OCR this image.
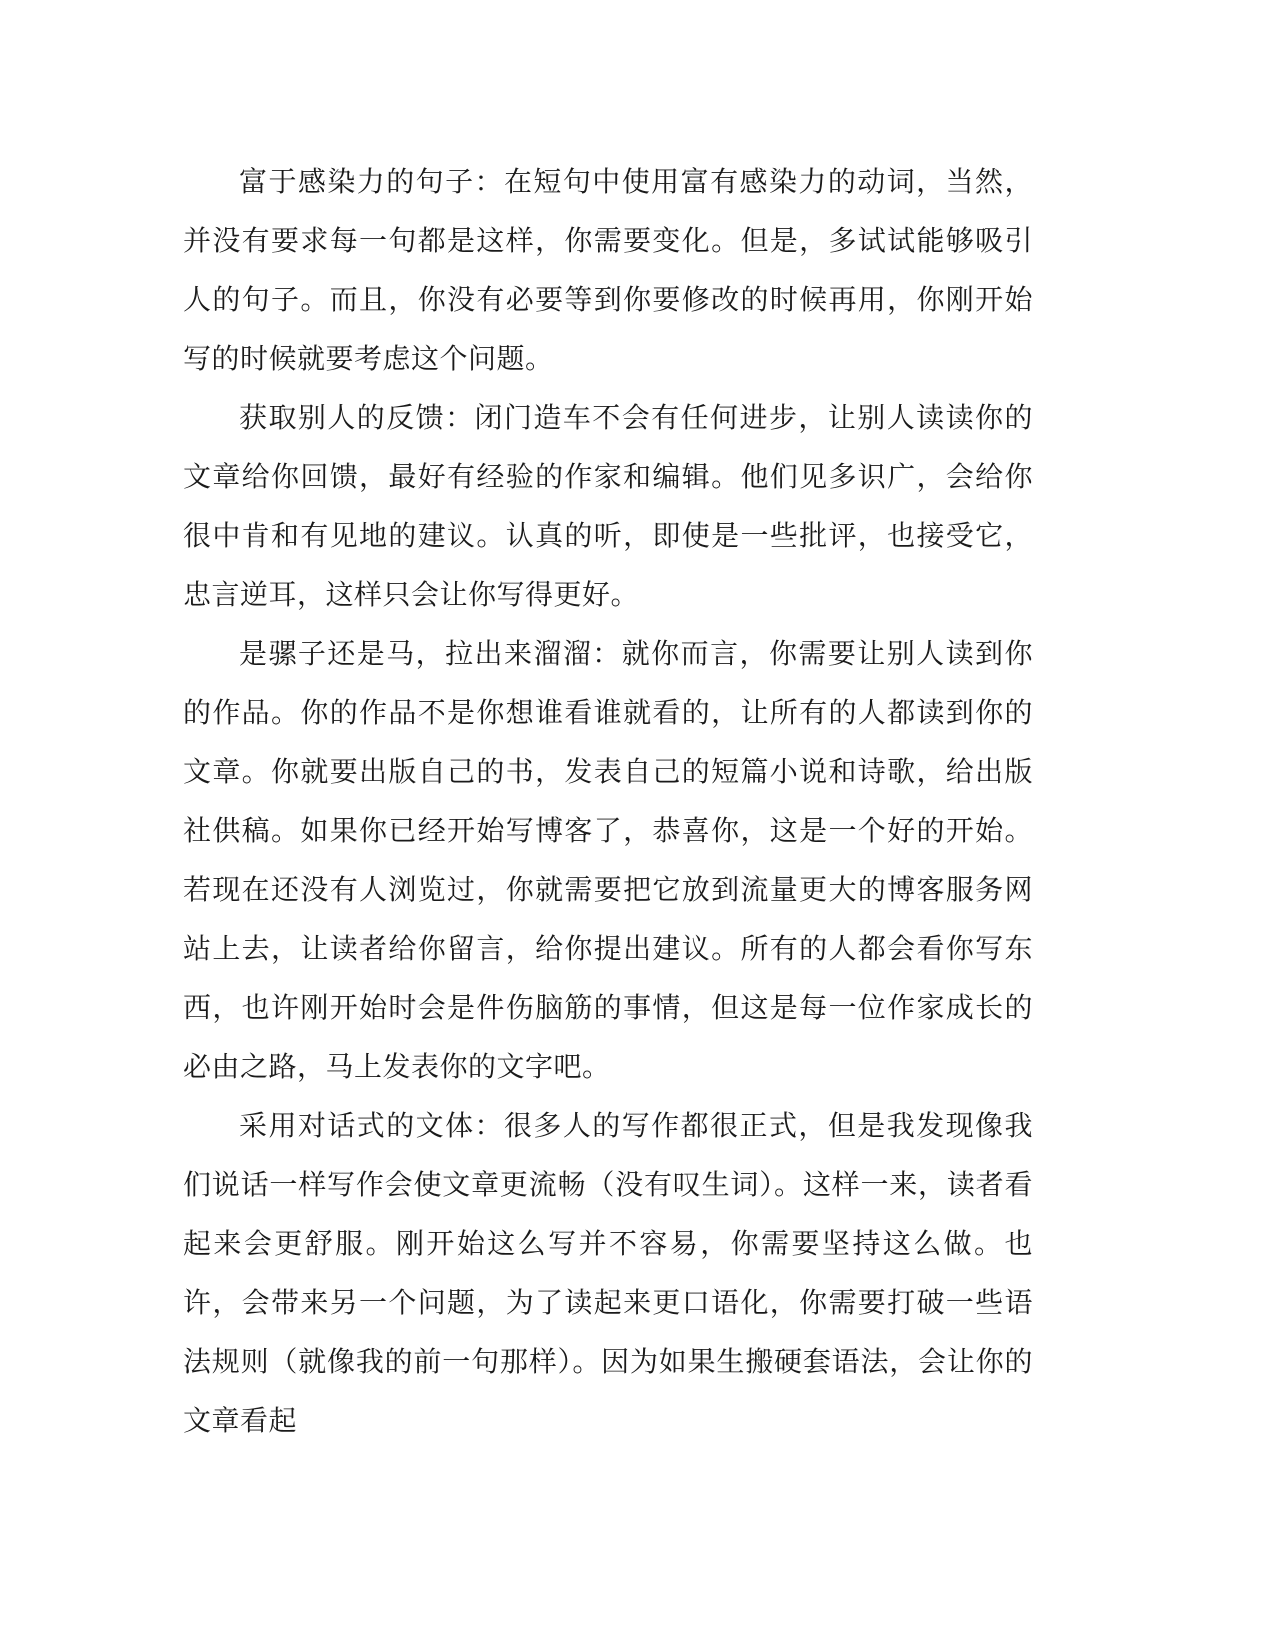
富于感染力的句子：在短句中使用富有感染力的动词，当然，并没有要求每一句都是这样，你需要变化。但是，多试试能够吸引人的句子。而且，你没有必要等到你要修改的时候再用，你刚开始写的时候就要考虑这个问题。

获取别人的反馈：闭门造车不会有任何进步，让别人读读你的文章给你回馈，最好有经验的作家和编辑。他们见多识广，会给你很中肯和有见地的建议。认真的听，即使是一些批评，也接受它，忠言逆耳，这样只会让你写得更好。

是骡子还是马，拉出来溜溜：就你而言，你需要让别人读到你的作品。你的作品不是你想谁看谁就看的，让所有的人都读到你的文章。你就要出版自己的书，发表自己的短篇小说和诗歌，给出版社供稿。如果你已经开始写博客了，恭喜你，这是一个好的开始。若现在还没有人浏览过，你就需要把它放到流量更大的博客服务网站上去，让读者给你留言，给你提出建议。所有的人都会看你写东西，也许刚开始时会是件伤脑筋的事情，但这是每一位作家成长的必由之路，马上发表你的文字吧。

采用对话式的文体：很多人的写作都很正式，但是我发现像我们说话一样写作会使文章更流畅（没有叹生词）。这样一来，读者看起来会更舒服。刚开始这么写并不容易，你需要坚持这么做。也许，会带来另一个问题，为了读起来更口语化，你需要打破一些语法规则（就像我的前一句那样）。因为如果生搬硬套语法，会让你的文章看起
